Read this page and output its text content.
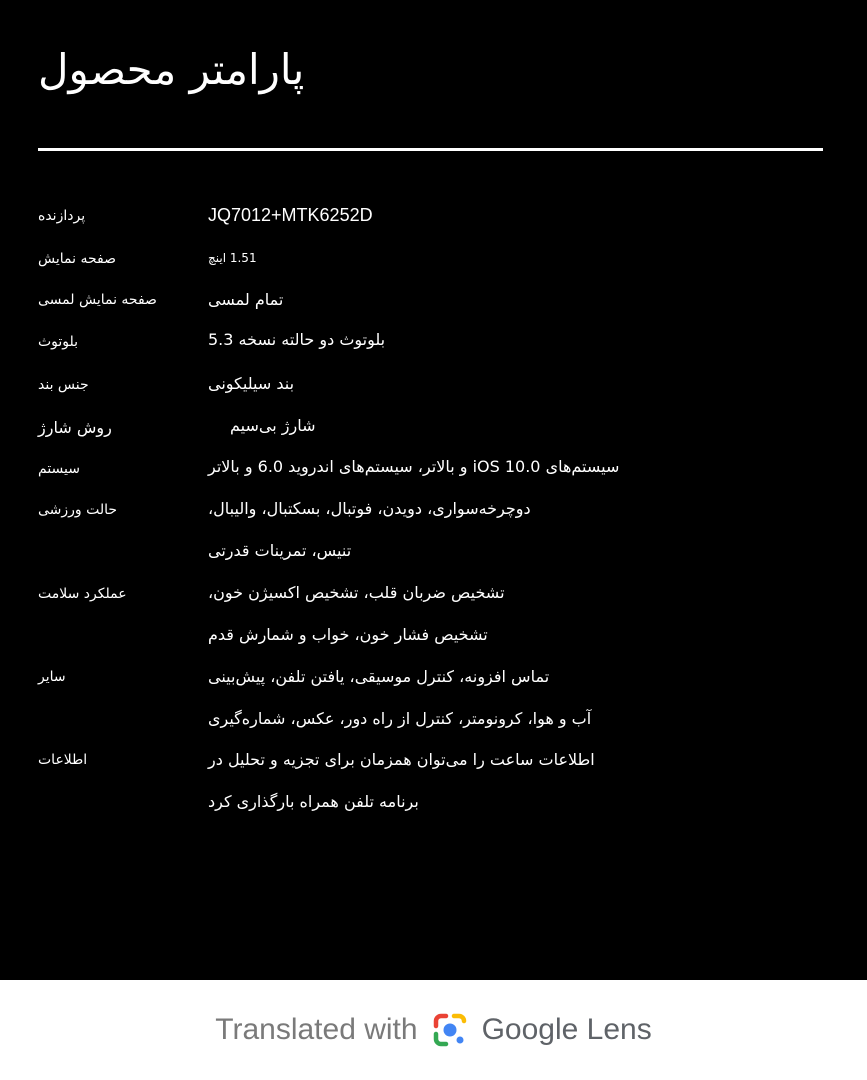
پارامتر محصول
پردازنده	JQ7012+MTK6252D
صفحه نمایش	1.51 اینچ
صفحه نمایش لمسی	تمام لمسی
بلوتوث	بلوتوث دو حالته نسخه 5.3
جنس بند	بند سیلیکونی
روش شارژ	شارژ بی‌سیم
سیستم	سیستم‌های iOS 10.0 و بالاتر، سیستم‌های اندروید 6.0 و بالاتر
حالت ورزشی	دوچرخه‌سواری، دویدن، فوتبال، بسکتبال، والیبال،
تنیس، تمرینات قدرتی
عملکرد سلامت	تشخیص ضربان قلب، تشخیص اکسیژن خون،
تشخیص فشار خون، خواب و شمارش قدم
سایر	تماس افزونه، کنترل موسیقی، یافتن تلفن، پیش‌بینی
آب و هوا، کرونومتر، کنترل از راه دور، عکس، شماره‌گیری
اطلاعات	اطلاعات ساعت را می‌توان همزمان برای تجزیه و تحلیل در
برنامه تلفن همراه بارگذاری کرد
Translated with Google Lens
